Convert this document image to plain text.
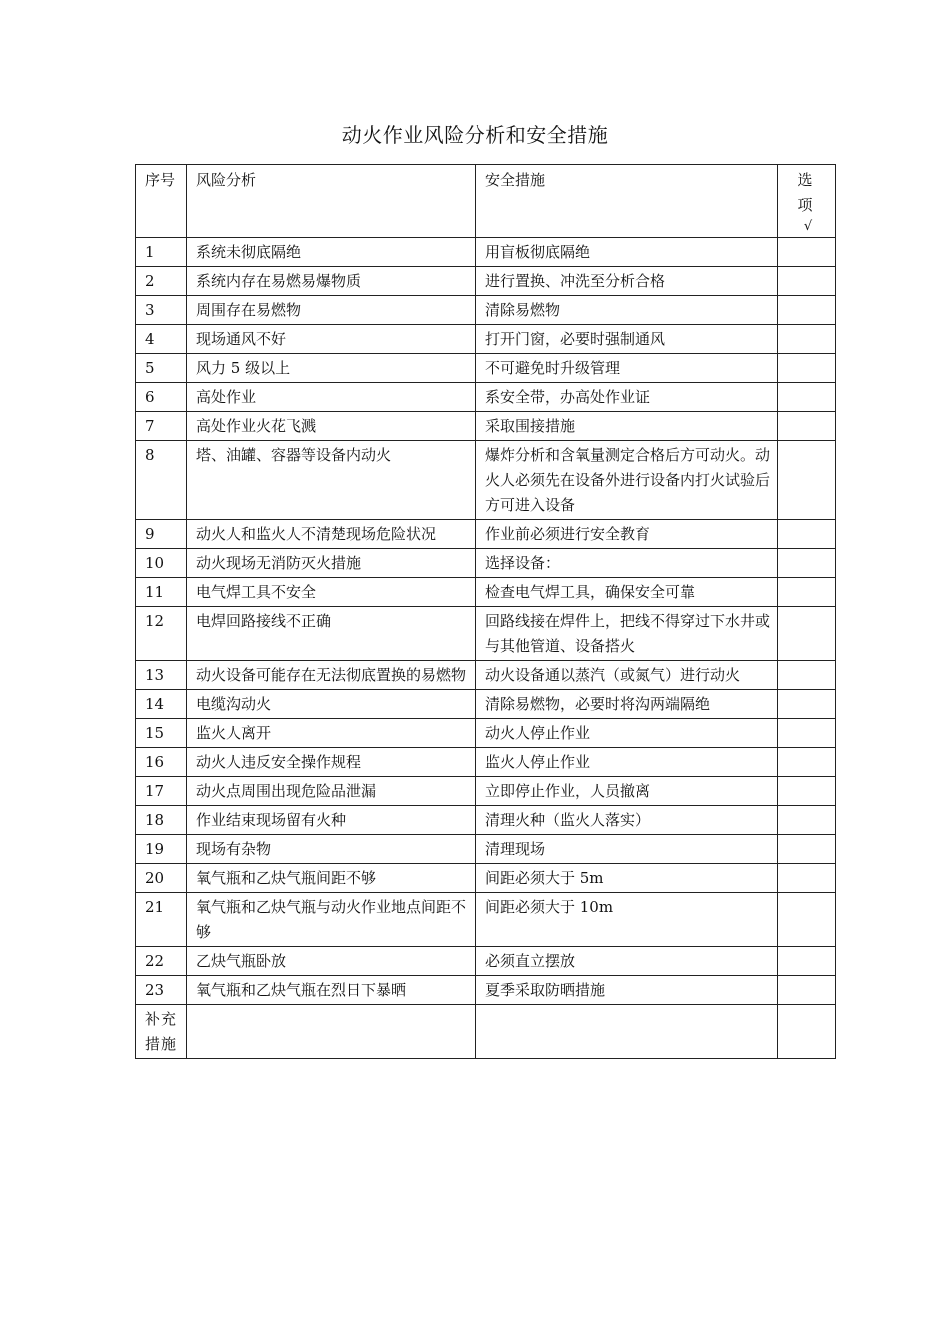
动火作业风险分析和安全措施
序号	风险分析	安全措施	选 项
√

1	系统未彻底隔绝	用盲板彻底隔绝	
2	系统内存在易燃易爆物质	进行置换、冲洗至分析合格	
3	周围存在易燃物	清除易燃物	
4	现场通风不好	打开门窗，必要时强制通风	
5	风力 5 级以上	不可避免时升级管理	
6	高处作业	系安全带，办高处作业证	
7	高处作业火花飞溅	采取围接措施	
8	塔、油罐、容器等设备内动火	爆炸分析和含氧量测定合格后方可动火。动火人必须先在设备外进行设备内打火试验后方可进入设备	
9	动火人和监火人不清楚现场危险状况	作业前必须进行安全教育	
10	动火现场无消防灭火措施	选择设备：	
11	电气焊工具不安全	检查电气焊工具，确保安全可靠	
12	电焊回路接线不正确	回路线接在焊件上，把线不得穿过下水井或与其他管道、设备搭火	
13	动火设备可能存在无法彻底置换的易燃物	动火设备通以蒸汽（或氮气）进行动火	
14	电缆沟动火	清除易燃物，必要时将沟两端隔绝	
15	监火人离开	动火人停止作业	
16	动火人违反安全操作规程	监火人停止作业	
17	动火点周围出现危险品泄漏	立即停止作业，人员撤离	
18	作业结束现场留有火种	清理火种（监火人落实）	
19	现场有杂物	清理现场	
20	氧气瓶和乙炔气瓶间距不够	间距必须大于 5m	
21	氧气瓶和乙炔气瓶与动火作业地点间距不够	间距必须大于 10m	
22	乙炔气瓶卧放	必须直立摆放	
23	氧气瓶和乙炔气瓶在烈日下暴晒	夏季采取防晒措施	
补充措施			
